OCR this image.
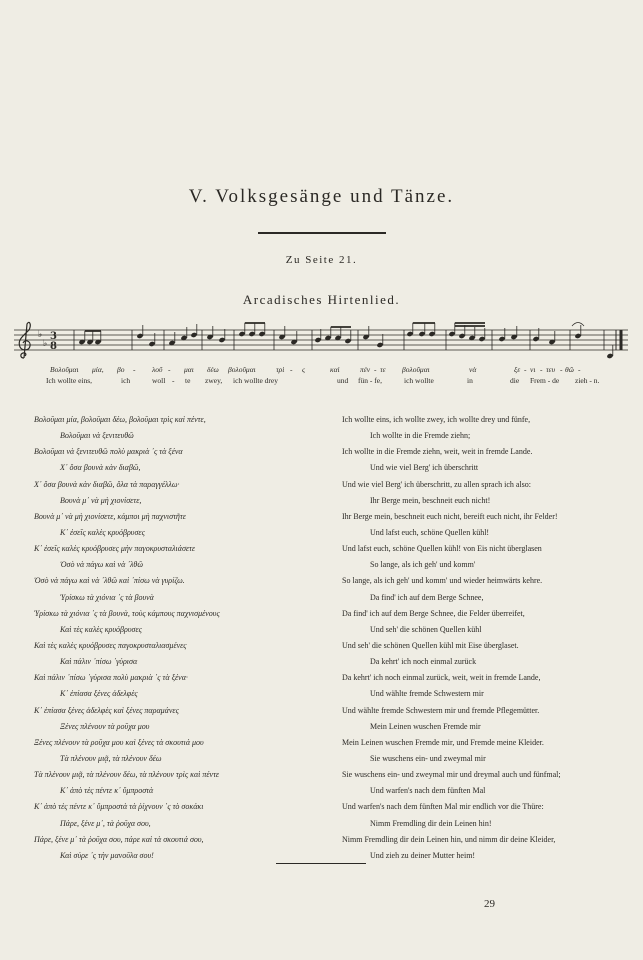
V. Volksgesänge und Tänze.
Zu Seite 21.
Arcadisches Hirtenlied.
♭
♭
3
8
Βολοῦμαι μία, βο - λοῦ - μαι δέω βολοῦμαι	τρὶ - ς	καὶ	πέν - τε βολοῦμαι	νὰ	ξε - νι - τευ - θῶ -
Ich wollte eins,	ich	woll - te zwey, ich wollte drey	und fün - fe,	ich wollte	in	die Frem - de zieh - n.
Βολοῦμαι μία, βολοῦμαι δέω, βολοῦμαι τρὶς καὶ πέντε,
Βολοῦμαι νὰ ξενιτευθῶ
Βολοῦμαι νὰ ξενιτευθῶ πολὺ μακριὰ ᾽ς τὰ ξένα
Χ᾽ ὅσα βουνὰ κὰν διαβῶ,
Χ᾽ ὅσα βουνὰ κὰν διαβῶ, ὅλα τὰ παραγγέλλω·
Βουνὰ μ᾽ νὰ μὴ χιονίσετε,
Βουνὰ μ᾽ νὰ μὴ χιονίσετε, κάμποι μὴ παχνιστῆτε
Κ᾽ ἐσεῖς καλὲς κρυόβρυσες
Κ᾽ ἐσεῖς καλὲς κρυόβρυσες μὴν παγοκρυσταλιάσετε
Ὁσὸ νὰ πάγω καὶ νὰ ᾽λθῶ
Ὁσὸ νὰ πάγω καὶ νὰ ᾽λθῶ καὶ ᾽πίσω νὰ γυρίζω.
Ὑρίσκω τὰ χιόνια ᾽ς τὰ βουνὰ
Ὑρίσκω τὰ χιόνια ᾽ς τὰ βουνὰ, τοὺς κάμπους παχνισμένους
Καὶ τὲς καλὲς κρυόβρυσες
Καὶ τὲς καλὲς κρυόβρυσες παγοκρυσταλιασμένες
Καὶ πάλιν ᾽πίσω ᾽γύρισα
Καὶ πάλιν ᾽πίσω ᾽γύρισα πολὺ μακριὰ ᾽ς τὰ ξένα·
Κ᾽ ἐπίασα ξένες ἀδελφὲς
Κ᾽ ἐπίασα ξένες ἀδελφὲς καὶ ξένες παραμάνες
Ξένες πλένουν τὰ ροῦχα μου
Ξένες πλένουν τὰ ροῦχα μου καὶ ξένες τὰ σκουτιά μου
Τὰ πλένουν μιᾷ, τὰ πλένουν δέω
Τὰ πλένουν μιᾷ, τὰ πλένουν δέω, τὰ πλένουν τρὶς καὶ πέντε
Κ᾽ ἀπὸ τὲς πέντε κ᾽ ὕμπροστὰ
Κ᾽ ἀπὸ τὲς πέντε κ᾽ ὕμπροστὰ τὰ ῥίχνουν ᾽ς τὸ σοκάκι
Πάρε, ξένε μ᾽, τὰ ῥοῦχα σου,
Πάρε, ξένε μ᾽ τὰ ῥοῦχα σου, πάρε καὶ τὰ σκουτιά σου,
Καὶ σύρε ᾽ς τὴν μανοῦλα σου!
Ich wollte eins, ich wollte zwey, ich wollte drey und fünfe,
Ich wollte in die Fremde ziehn;
Ich wollte in die Fremde ziehn, weit, weit in fremde Lande.
Und wie viel Berg' ich überschritt
Und wie viel Berg' ich überschritt, zu allen sprach ich also:
Ihr Berge mein, beschneit euch nicht!
Ihr Berge mein, beschneit euch nicht, bereift euch nicht, ihr Felder!
Und lafst euch, schöne Quellen kühl!
Und lafst euch, schöne Quellen kühl! von Eis nicht überglasen
So lange, als ich geh' und komm'
So lange, als ich geh' und komm' und wieder heimwärts kehre.
Da find' ich auf dem Berge Schnee,
Da find' ich auf dem Berge Schnee, die Felder überreifet,
Und seh' die schönen Quellen kühl
Und seh' die schönen Quellen kühl mit Eise überglaset.
Da kehrt' ich noch einmal zurück
Da kehrt' ich noch einmal zurück, weit, weit in fremde Lande,
Und wählte fremde Schwestern mir
Und wählte fremde Schwestern mir und fremde Pflegemütter.
Mein Leinen wuschen Fremde mir
Mein Leinen wuschen Fremde mir, und Fremde meine Kleider.
Sie wuschens ein- und zweymal mir
Sie wuschens ein- und zweymal mir und dreymal auch und fünfmal;
Und warfen's nach dem fünften Mal
Und warfen's nach dem fünften Mal mir endlich vor die Thüre:
Nimm Fremdling dir dein Leinen hin!
Nimm Fremdling dir dein Leinen hin, und nimm dir deine Kleider,
Und zieh zu deiner Mutter heim!
29
